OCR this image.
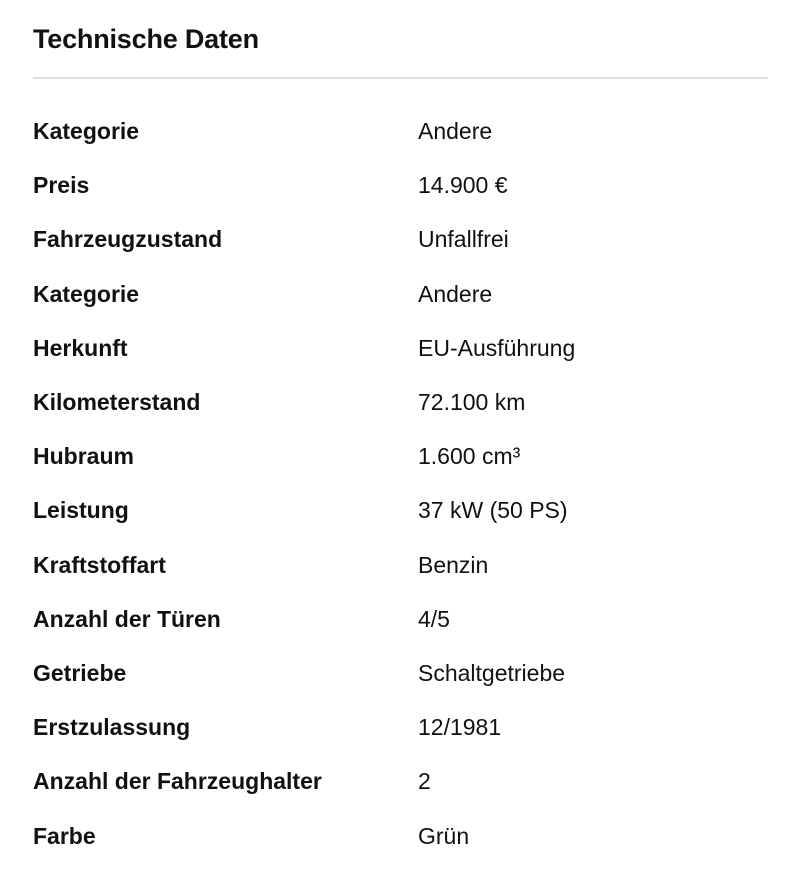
Technische Daten
Kategorie	Andere
Preis	14.900 €
Fahrzeugzustand	Unfallfrei
Kategorie	Andere
Herkunft	EU-Ausführung
Kilometerstand	72.100 km
Hubraum	1.600 cm³
Leistung	37 kW (50 PS)
Kraftstoffart	Benzin
Anzahl der Türen	4/5
Getriebe	Schaltgetriebe
Erstzulassung	12/1981
Anzahl der Fahrzeughalter	2
Farbe	Grün
